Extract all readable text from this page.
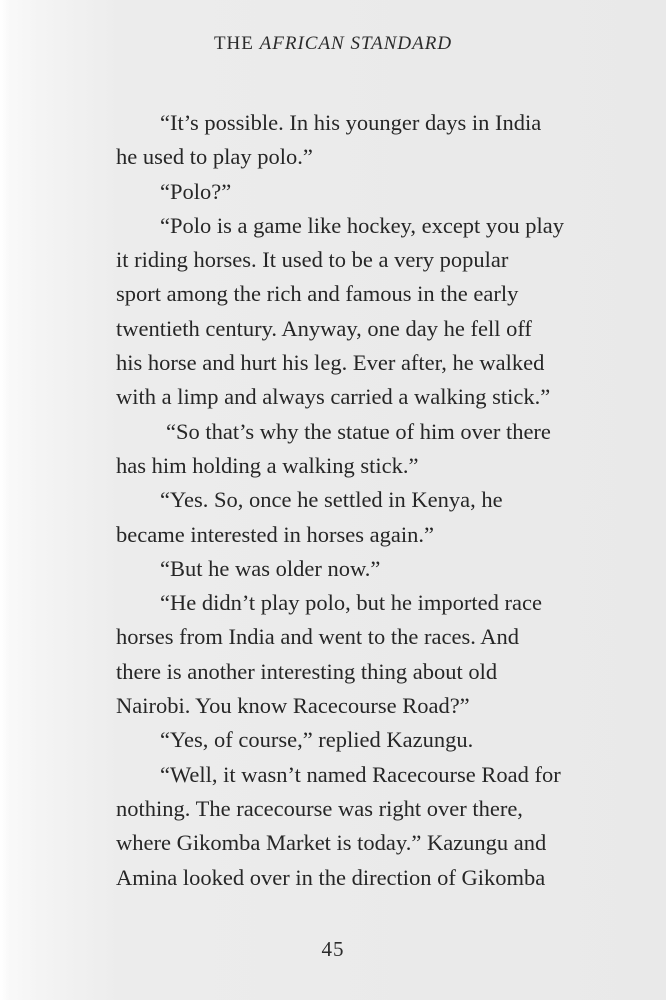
THE AFRICAN STANDARD
“It’s possible. In his younger days in India
he used to play polo.”
“Polo?”
“Polo is a game like hockey, except you play
it riding horses. It used to be a very popular
sport among the rich and famous in the early
twentieth century. Anyway, one day he fell off
his horse and hurt his leg. Ever after, he walked
with a limp and always carried a walking stick.”
“So that’s why the statue of him over there
has him holding a walking stick.”
“Yes. So, once he settled in Kenya, he
became interested in horses again.”
“But he was older now.”
“He didn’t play polo, but he imported race
horses from India and went to the races. And
there is another interesting thing about old
Nairobi. You know Racecourse Road?”
“Yes, of course,” replied Kazungu.
“Well, it wasn’t named Racecourse Road for
nothing. The racecourse was right over there,
where Gikomba Market is today.” Kazungu and
Amina looked over in the direction of Gikomba
45
